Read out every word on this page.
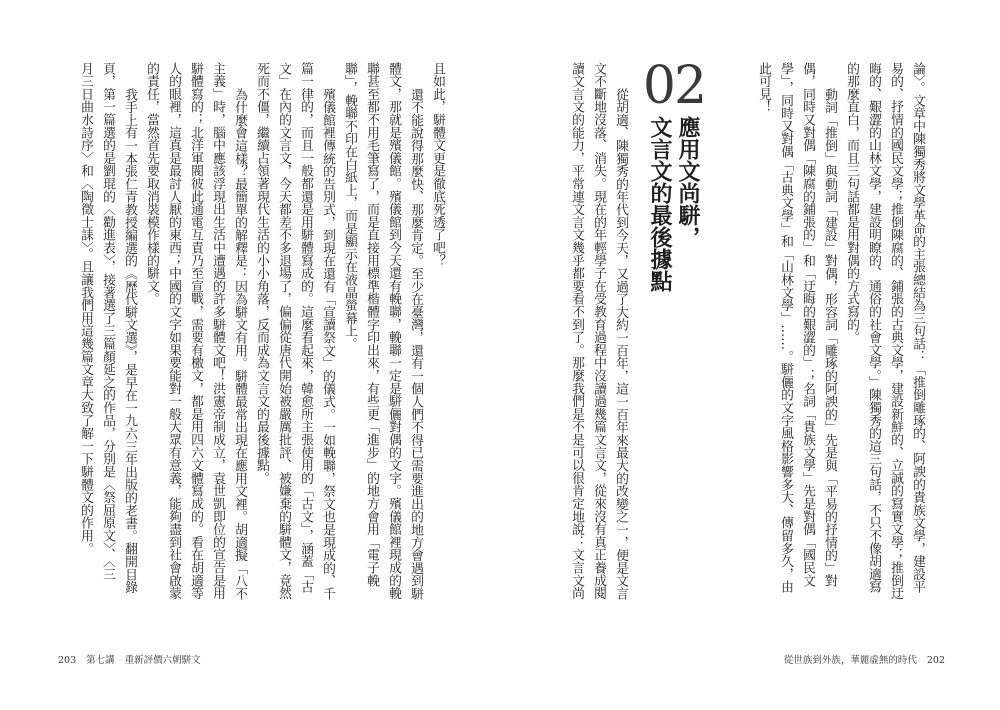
且如此，駢體文更是徹底死透了吧？
還不能說得那麼快、那麼肯定。至少在臺灣，還有一個人們不得已需要進出的地方會遇到駢
體文，那就是殯儀館。殯儀館到今天還有輓聯，輓聯一定是駢儷對偶的文字。殯儀館裡現成的輓
聯甚至都不用毛筆寫了，而是直接用標準楷體字印出來，有些更「進步」的地方會用「電子輓
聯」，輓聯不印在白紙上，而是顯示在液晶螢幕上。
殯儀館裡傳統的告別式，到現在還有「宣讀祭文」的儀式。一如輓聯，祭文也是現成的、千
篇一律的，而且一般都還是用駢體寫成的。這麼看起來，韓愈所主張使用的「古文」，涵蓋「古
文」在內的文言文，今天都差不多退場了，偏偏從唐代開始被嚴厲批評、被嫌棄的駢體文，竟然
死而不僵，繼續占領著現代生活的小小角落，反而成為文言文的最後據點。
為什麼會這樣？最簡單的解釋是：因為駢文有用。駢體最常出現在應用文裡。胡適擬「八不
主義」時，腦中應該浮現出生活中遭遇的許多駢體文吧！洪憲帝制成立，袁世凱即位的宣告是用
駢體寫的；北洋軍閥彼此通電互責乃至宣戰，需要有檄文，都是用四六文體寫成的。看在胡適等
人的眼裡，這真是最討人厭的東西；中國的文字如果要能對一般大眾有意義，能夠盡到社會啟蒙
的責任，當然首先要取消裝模作樣的駢文。
我手上有一本張仁青教授編選的《歷代駢文選》，是早在一九六三年出版的老書。翻開目錄
頁，第一篇選的是劉琨的〈勸進表〉，接著選了三篇顏延之的作品，分別是〈祭屈原文〉、〈三
月三日曲水詩序〉和〈陶徵士誄〉。且讓我們用這幾篇文章大致了解一下駢體文的作用。
203 第七講 重新評價六朝駢文
論〉。文章中陳獨秀將文學革命的主張總結為三句話：「推倒雕琢的、阿諛的貴族文學，建設平
易的、抒情的國民文學；推倒陳腐的、鋪張的古典文學，建設新鮮的、立誠的寫實文學；推倒迂
晦的、艱澀的山林文學，建設明瞭的、通俗的社會文學。」陳獨秀的這三句話，不只不像胡適寫
的那麼直白，而且三句話都是用對偶的方式寫的。
動詞「推倒」與動詞「建設」對偶，形容詞「雕琢的阿諛的」先是與「平易的抒情的」對
偶，同時又對偶「陳腐的鋪張的」和「迂晦的艱澀的」；名詞「貴族文學」先是對偶「國民文
學」，同時又對偶「古典文學」和「山林文學」……。駢儷的文字風格影響多大、傳留多久，由
此可見！
02
應用文尚駢，
文言文的最後據點
從胡適、陳獨秀的年代到今天，又過了大約一百年，這一百年來最大的改變之一，便是文言
文不斷地沒落、消失。現在的年輕學子在受教育過程中沒讀過幾篇文言文，從來沒有真正養成閱
讀文言文的能力，平常連文言文幾乎都要看不到了。那麼我們是不是可以很肯定地說：文言文尚
從世族到外族，華麗虛無的時代 202
